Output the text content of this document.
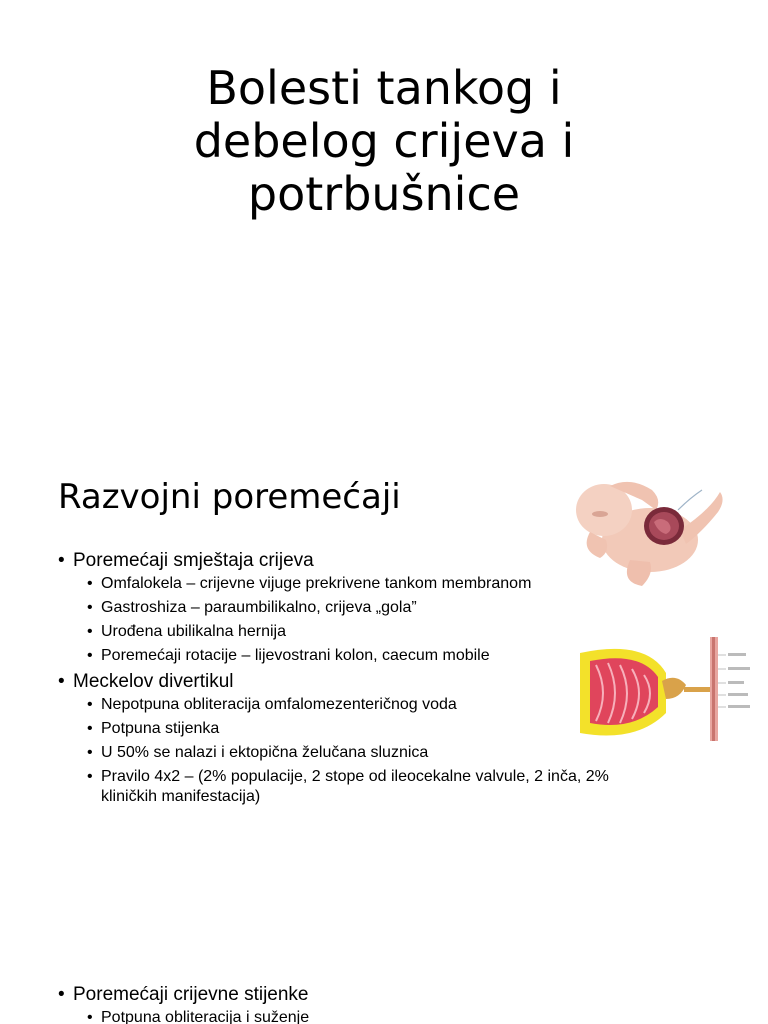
Bolesti tankog i
debelog crijeva i
potrbušnice
Razvojni poremećaji
• Poremećaji smještaja crijeva
• Omfalokela – crijevne vijuge prekrivene tankom membranom
• Gastroshiza – paraumbilikalno, crijeva „gola”
• Urođena ubilikalna hernija
• Poremećaji rotacije – lijevostrani kolon, caecum mobile
• Meckelov divertikul
• Nepotpuna obliteracija omfalomezenteričnog voda
• Potpuna stijenka
• U 50% se nalazi i ektopična želučana sluznica
• Pravilo 4x2 – (2% populacije, 2 stope od ileocekalne valvule, 2 inča, 2% kliničkih manifestacija)
• Poremećaji crijevne stijenke
• Potpuna obliteracija i suženje
